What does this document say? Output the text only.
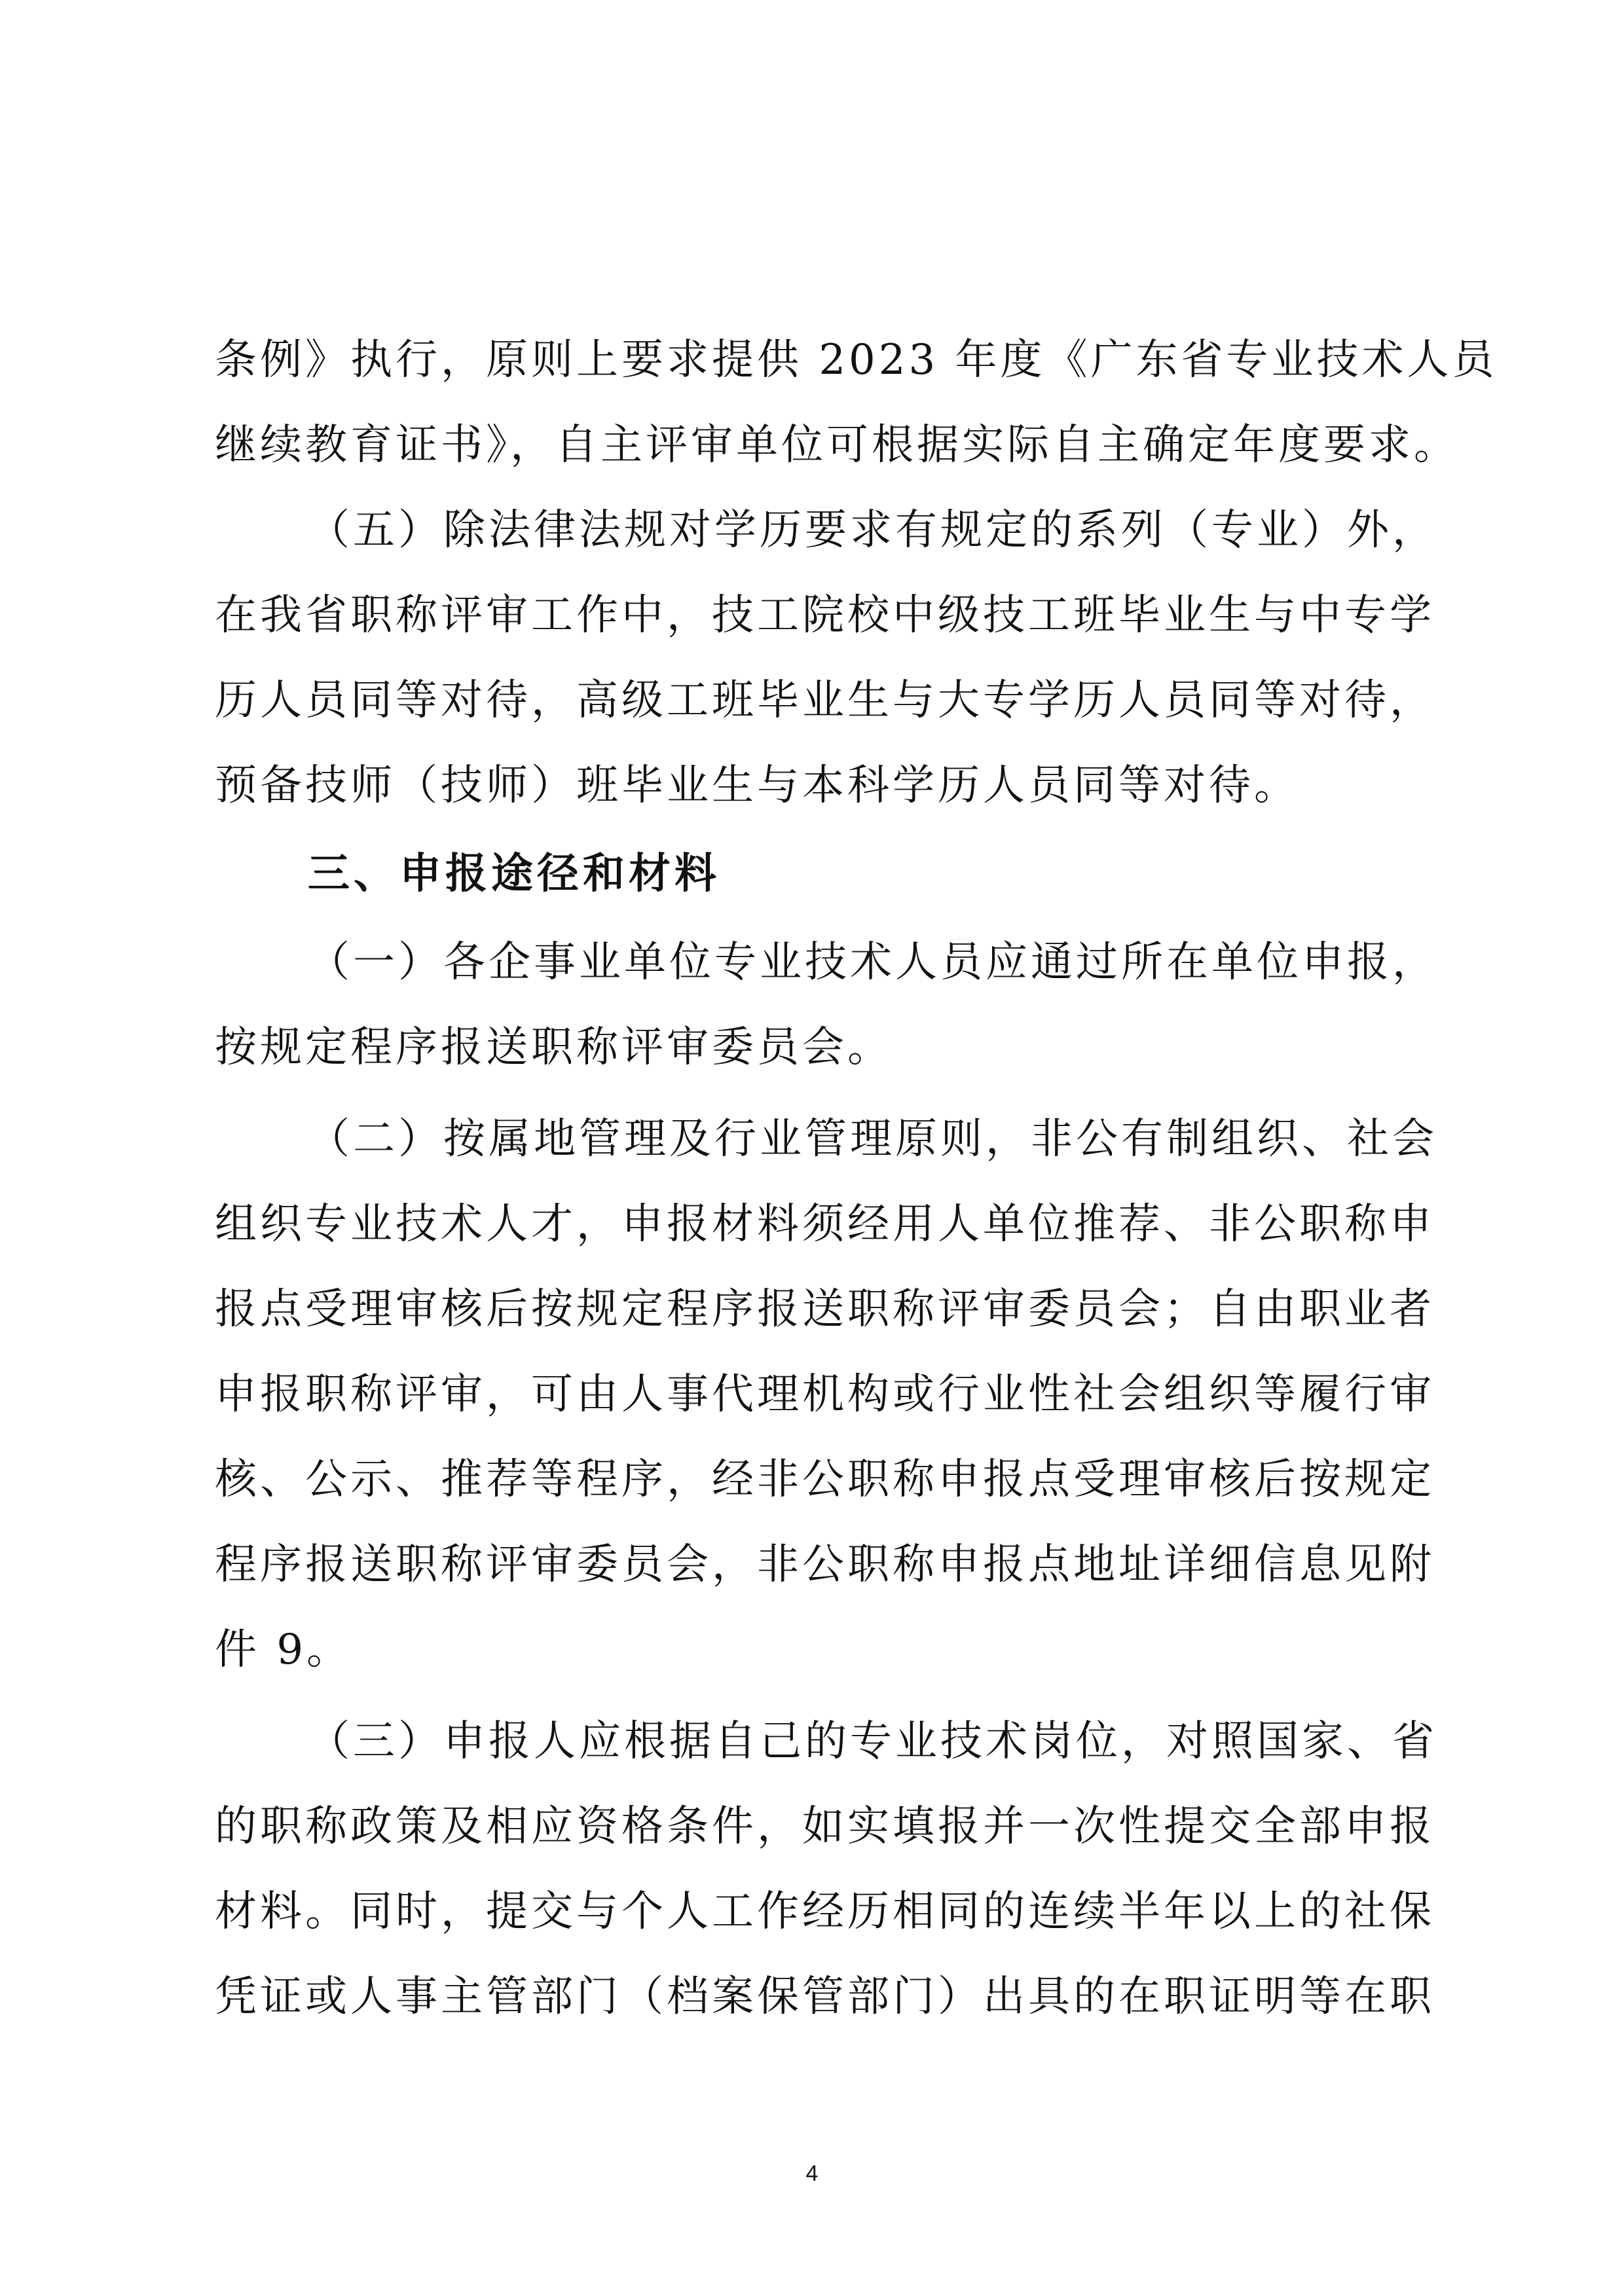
条例》执行，原则上要求提供 2023 年度《广东省专业技术人员
继续教育证书》，自主评审单位可根据实际自主确定年度要求。
（五）除法律法规对学历要求有规定的系列（专业）外，
在我省职称评审工作中，技工院校中级技工班毕业生与中专学
历人员同等对待，高级工班毕业生与大专学历人员同等对待，
预备技师（技师）班毕业生与本科学历人员同等对待。
三、申报途径和材料
（一）各企事业单位专业技术人员应通过所在单位申报，
按规定程序报送职称评审委员会。
（二）按属地管理及行业管理原则，非公有制组织、社会
组织专业技术人才，申报材料须经用人单位推荐、非公职称申
报点受理审核后按规定程序报送职称评审委员会；自由职业者
申报职称评审，可由人事代理机构或行业性社会组织等履行审
核、公示、推荐等程序，经非公职称申报点受理审核后按规定
程序报送职称评审委员会，非公职称申报点地址详细信息见附
件 9。
（三）申报人应根据自己的专业技术岗位，对照国家、省
的职称政策及相应资格条件，如实填报并一次性提交全部申报
材料。同时，提交与个人工作经历相同的连续半年以上的社保
凭证或人事主管部门（档案保管部门）出具的在职证明等在职
4
